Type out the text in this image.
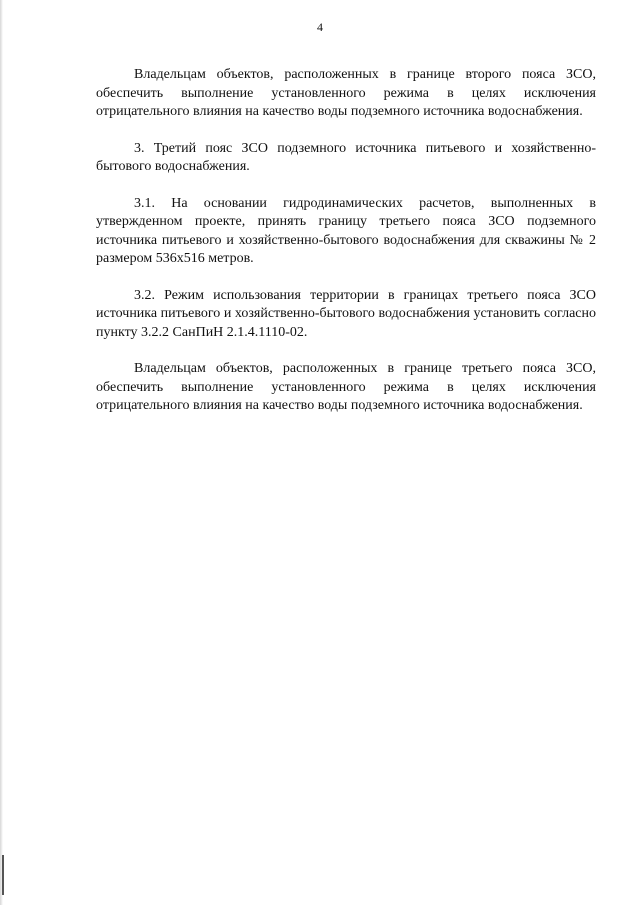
4

Владельцам объектов, расположенных в границе второго пояса ЗСО, обеспечить выполнение установленного режима в целях исключения отрицательного влияния на качество воды подземного источника водоснабжения.

3. Третий пояс ЗСО подземного источника питьевого и хозяйственно-бытового водоснабжения.

3.1. На основании гидродинамических расчетов, выполненных в утвержденном проекте, принять границу третьего пояса ЗСО подземного источника питьевого и хозяйственно-бытового водоснабжения для скважины № 2 размером 536х516 метров.

3.2. Режим использования территории в границах третьего пояса ЗСО источника питьевого и хозяйственно-бытового водоснабжения установить согласно пункту 3.2.2 СанПиН 2.1.4.1110-02.

Владельцам объектов, расположенных в границе третьего пояса ЗСО, обеспечить выполнение установленного режима в целях исключения отрицательного влияния на качество воды подземного источника водоснабжения.
